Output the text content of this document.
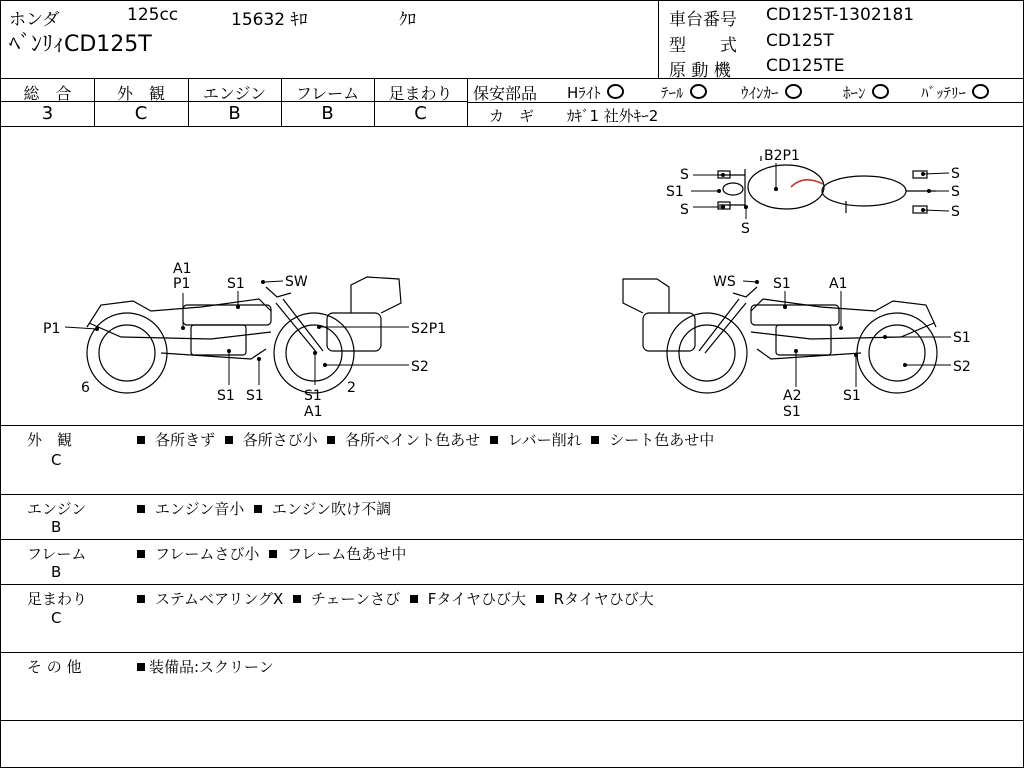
ホンダ	125cc	15632 ｷﾛ	ｸﾛ
ﾍﾞﾝﾘｨCD125T
車台番号 CD125T-1302181
型　　式 CD125T
原 動 機 CD125TE
総　合
3
外　観
C
エンジン
B
フレーム
B
足まわり
C
保安部品 Hﾗｲﾄ	ﾃｰﾙ	ｳｲﾝｶｰ	ﾎｰﾝ	ﾊﾞｯﾃﾘｰ
カ　ギ ｶｷﾞ1 社外ｷｰ2
B2P1
S
S1
S
S
S
S
S
A1
P1	S1	SW
P1	S2P1
S2
6	S1 S1	S1
A1
2
WS	S1	A1
S1
S2
A2
S1
S1
外　観
C
各所きず 各所さび小 各所ペイント色あせ レバー削れ シート色あせ中
エンジン
B
エンジン音小 エンジン吹け不調
フレーム
B
フレームさび小 フレーム色あせ中
足まわり
C
ステムベアリングX チェーンさび Fタイヤひび大 Rタイヤひび大
そ の 他	装備品:スクリーン
